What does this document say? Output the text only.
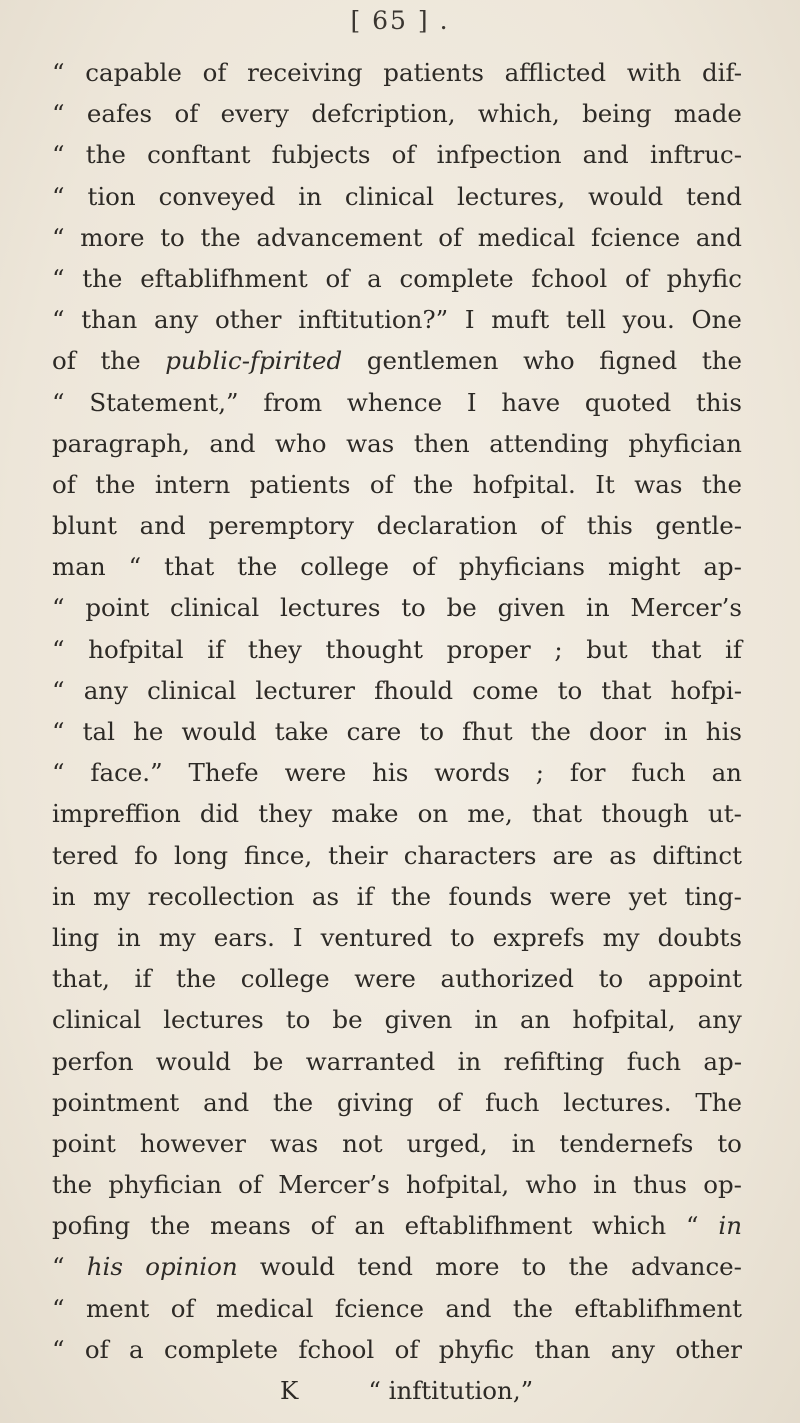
[ 65 ] .
“ capable of receiving patients afflicted with dif-
“ eafes of every defcription, which, being made
“ the conftant fubjects of infpection and inftruc-
“ tion conveyed in clinical lectures, would tend
“ more to the advancement of medical fcience and
“ the eftablifhment of a complete fchool of phyfic
“ than any other inftitution?” I muft tell you. One
of the public-fpirited gentlemen who figned the
“ Statement,” from whence I have quoted this
paragraph, and who was then attending phyfician
of the intern patients of the hofpital. It was the
blunt and peremptory declaration of this gentle-
man “ that the college of phyficians might ap-
“ point clinical lectures to be given in Mercer’s
“ hofpital if they thought proper ; but that if
“ any clinical lecturer fhould come to that hofpi-
“ tal he would take care to fhut the door in his
“ face.” Thefe were his words ; for fuch an
impreffion did they make on me, that though ut-
tered fo long fince, their characters are as diftinct
in my recollection as if the founds were yet ting-
ling in my ears. I ventured to exprefs my doubts
that, if the college were authorized to appoint
clinical lectures to be given in an hofpital, any
perfon would be warranted in refifting fuch ap-
pointment and the giving of fuch lectures. The
point however was not urged, in tendernefs to
the phyfician of Mercer’s hofpital, who in thus op-
pofing the means of an eftablifhment which “ in
“ his opinion would tend more to the advance-
“ ment of medical fcience and the eftablifhment
“ of a complete fchool of phyfic than any other
K	“ inftitution,”
